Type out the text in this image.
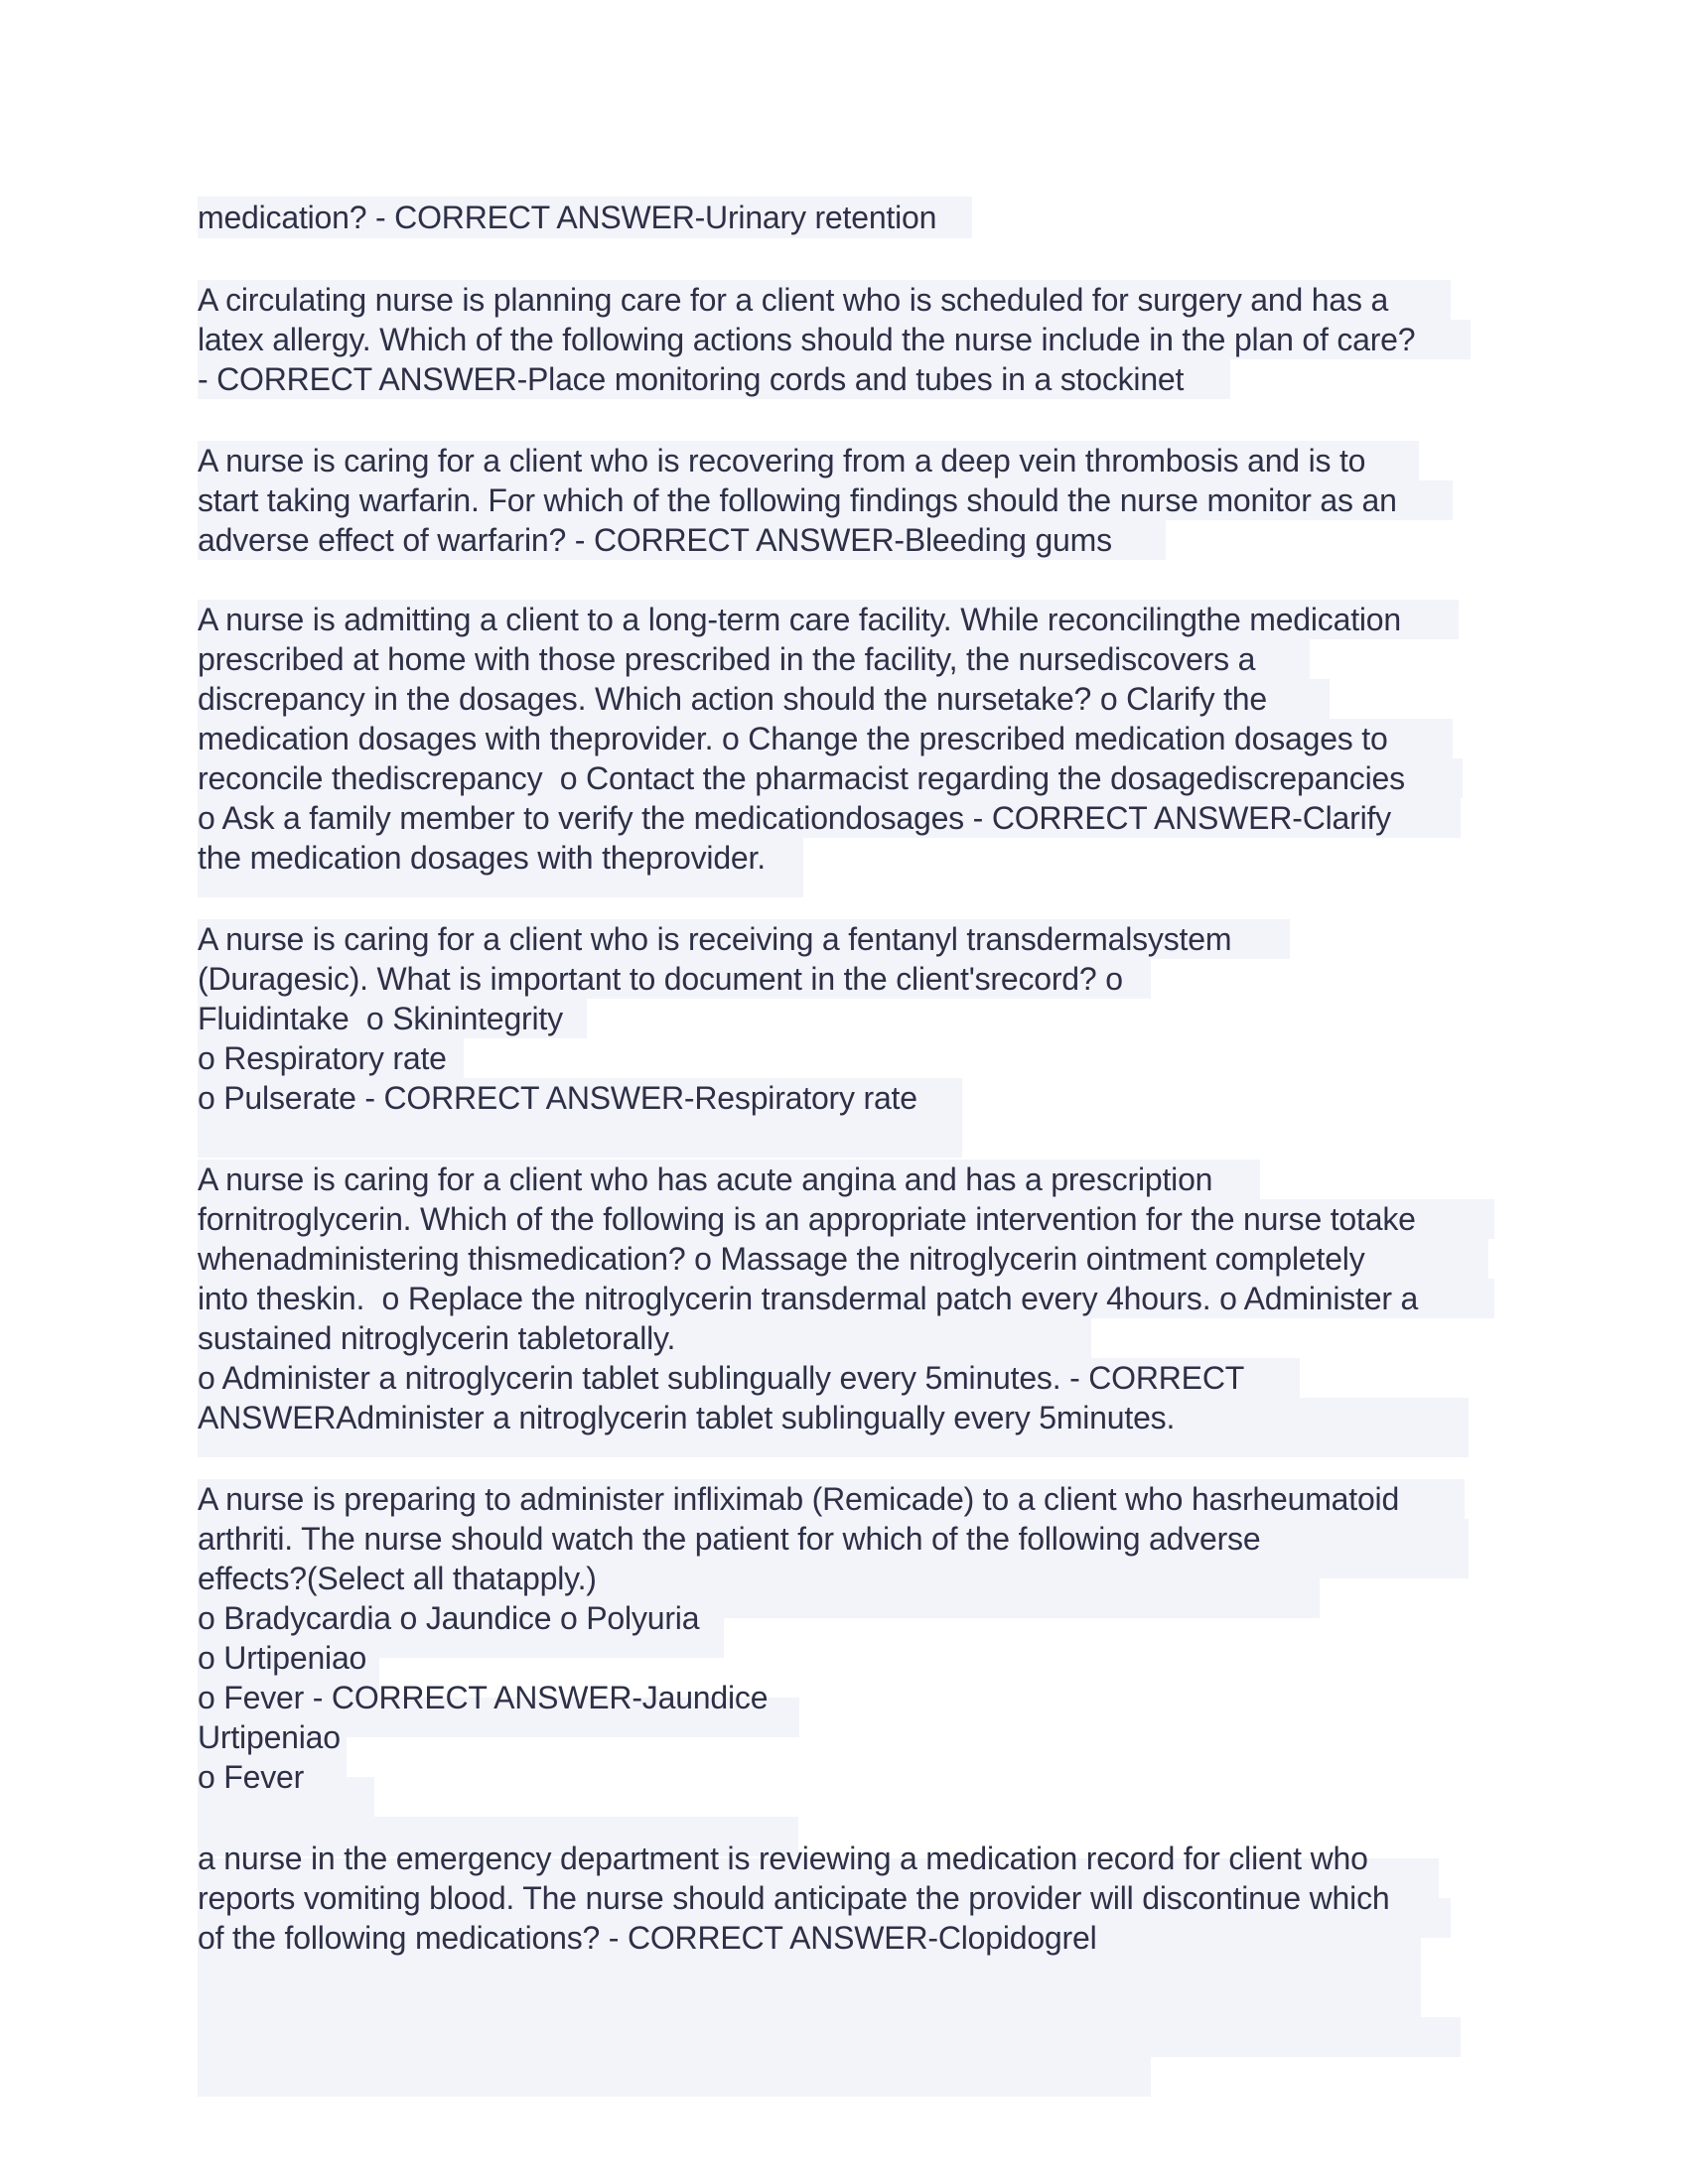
medication? - CORRECT ANSWER-Urinary retention

A circulating nurse is planning care for a client who is scheduled for surgery and has a

latex allergy. Which of the following actions should the nurse include in the plan of care?

- CORRECT ANSWER-Place monitoring cords and tubes in a stockinet

A nurse is caring for a client who is recovering from a deep vein thrombosis and is to

start taking warfarin. For which of the following findings should the nurse monitor as an

adverse effect of warfarin? - CORRECT ANSWER-Bleeding gums

A nurse is admitting a client to a long-term care facility. While reconcilingthe medication

prescribed at home with those prescribed in the facility, the nursediscovers a

discrepancy in the dosages. Which action should the nursetake? o Clarify the

medication dosages with theprovider. o Change the prescribed medication dosages to

reconcile thediscrepancy  o Contact the pharmacist regarding the dosagediscrepancies

o Ask a family member to verify the medicationdosages - CORRECT ANSWER-Clarify

the medication dosages with theprovider.

A nurse is caring for a client who is receiving a fentanyl transdermalsystem

(Duragesic). What is important to document in the client'srecord? o

Fluidintake  o Skinintegrity

o Respiratory rate

o Pulserate - CORRECT ANSWER-Respiratory rate

A nurse is caring for a client who has acute angina and has a prescription

fornitroglycerin. Which of the following is an appropriate intervention for the nurse totake

whenadministering thismedication? o Massage the nitroglycerin ointment completely

into theskin.  o Replace the nitroglycerin transdermal patch every 4hours. o Administer a

sustained nitroglycerin tabletorally.

o Administer a nitroglycerin tablet sublingually every 5minutes. - CORRECT

ANSWERAdminister a nitroglycerin tablet sublingually every 5minutes.

A nurse is preparing to administer infliximab (Remicade) to a client who hasrheumatoid

arthriti. The nurse should watch the patient for which of the following adverse

effects?(Select all thatapply.)

o Bradycardia o Jaundice o Polyuria

o Urtipeniao

o Fever - CORRECT ANSWER-Jaundice

Urtipeniao

o Fever

a nurse in the emergency department is reviewing a medication record for client who

reports vomiting blood. The nurse should anticipate the provider will discontinue which

of the following medications? - CORRECT ANSWER-Clopidogrel
